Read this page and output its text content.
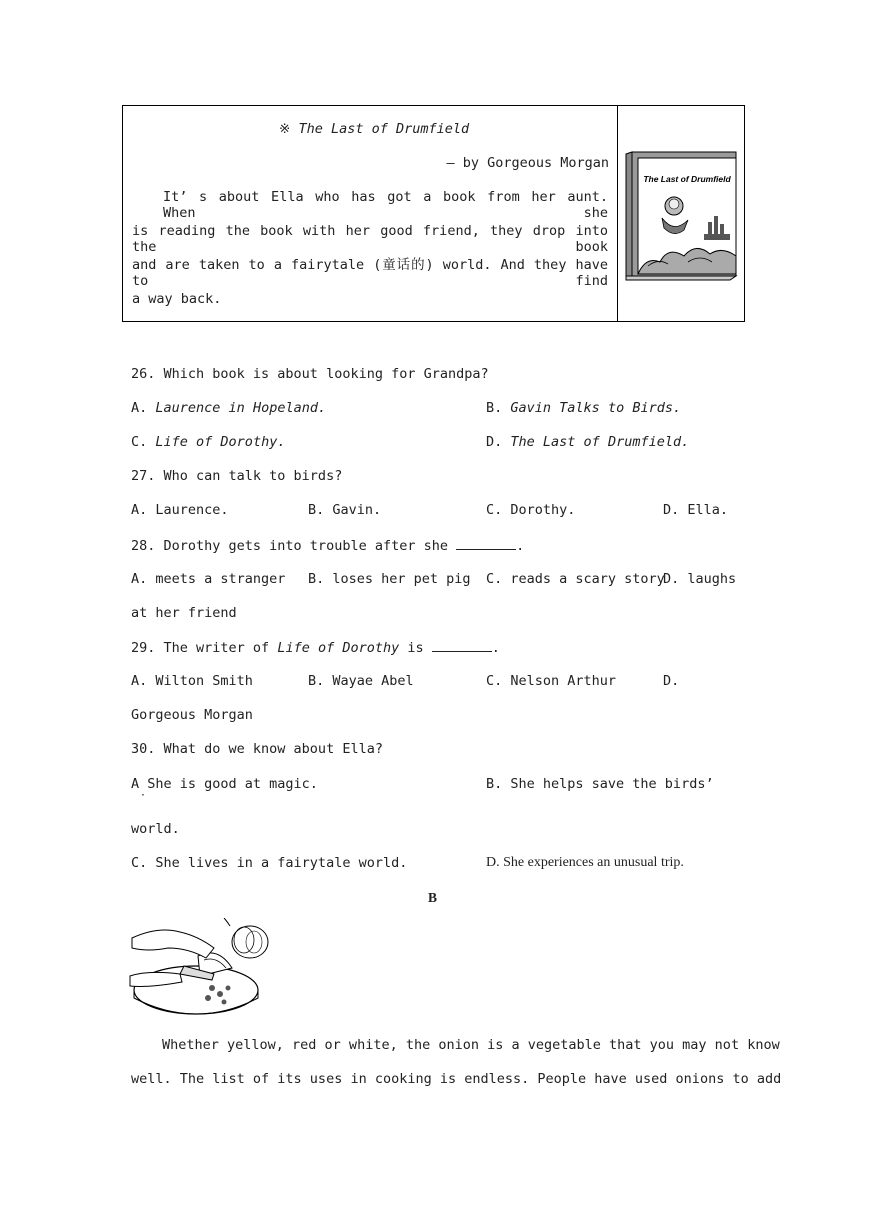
※ The Last of Drumfield
— by Gorgeous Morgan
It’ s about Ella who has got a book from her aunt. When she
is reading the book with her good friend, they drop into the book
and are taken to a fairytale (童话的) world. And they have to find
a way back.
The Last of Drumfield
26. Which book is about looking for Grandpa?
A. Laurence in Hopeland.	B. Gavin Talks to Birds.
C. Life of Dorothy.	D. The Last of Drumfield.
27. Who can talk to birds?
A. Laurence.	B. Gavin.	C. Dorothy.	D. Ella.
28. Dorothy gets into trouble after she	.
A. meets a stranger B. loses her pet pig C. reads a scary story
D. laughs
at her friend
29. The writer of Life of Dorothy is	.
A. Wilton Smith	B. Wayae Abel	C. Nelson Arthur	D.
Gorgeous Morgan
30. What do we know about Ella?
A She is good at magic.
·
B. She helps save the birds’
world.
C. She lives in a fairytale world.	D. She experiences an unusual trip.
B
Whether yellow, red or white, the onion is a vegetable that you may not know
well. The list of its uses in cooking is endless. People have used onions to add
